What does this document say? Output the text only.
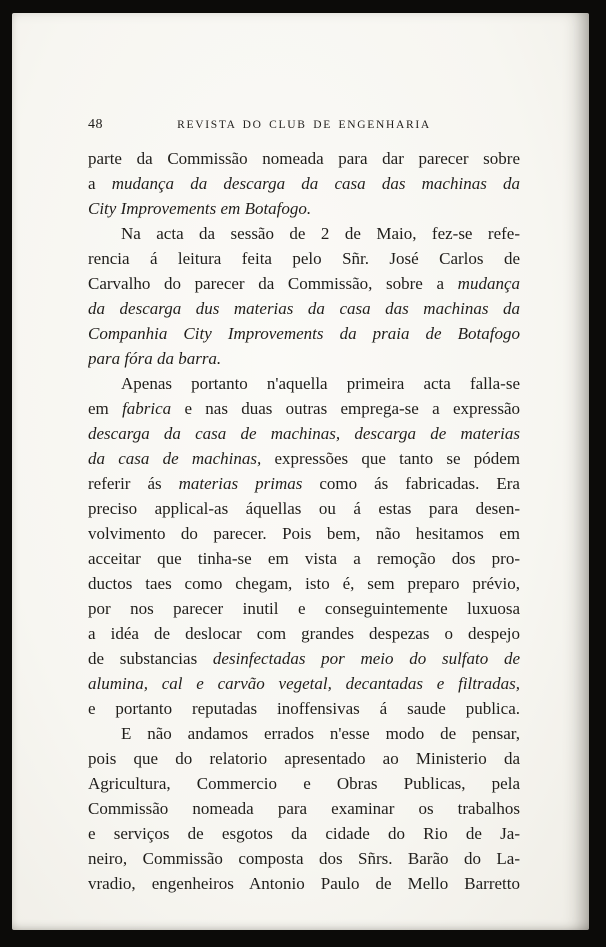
48	REVISTA DO CLUB DE ENGENHARIA
parte da Commissão nomeada para dar parecer sobre
a mudança da descarga da casa das machinas da
City Improvements em Botafogo.
Na acta da sessão de 2 de Maio, fez-se refe-
rencia á leitura feita pelo Sñr. José Carlos de
Carvalho do parecer da Commissão, sobre a mudança
da descarga dus materias da casa das machinas da
Companhia City Improvements da praia de Botafogo
para fóra da barra.
Apenas portanto n'aquella primeira acta falla-se
em fabrica e nas duas outras emprega-se a expressão
descarga da casa de machinas, descarga de materias
da casa de machinas, expressões que tanto se pódem
referir ás materias primas como ás fabricadas. Era
preciso applical-as áquellas ou á estas para desen-
volvimento do parecer. Pois bem, não hesitamos em
acceitar que tinha-se em vista a remoção dos pro-
ductos taes como chegam, isto é, sem preparo prévio,
por nos parecer inutil e conseguintemente luxuosa
a idéa de deslocar com grandes despezas o despejo
de substancias desinfectadas por meio do sulfato de
alumina, cal e carvão vegetal, decantadas e filtradas,
e portanto reputadas inoffensivas á saude publica.
E não andamos errados n'esse modo de pensar,
pois que do relatorio apresentado ao Ministerio da
Agricultura, Commercio e Obras Publicas, pela
Commissão nomeada para examinar os trabalhos
e serviços de esgotos da cidade do Rio de Ja-
neiro, Commissão composta dos Sñrs. Barão do La-
vradio, engenheiros Antonio Paulo de Mello Barretto
